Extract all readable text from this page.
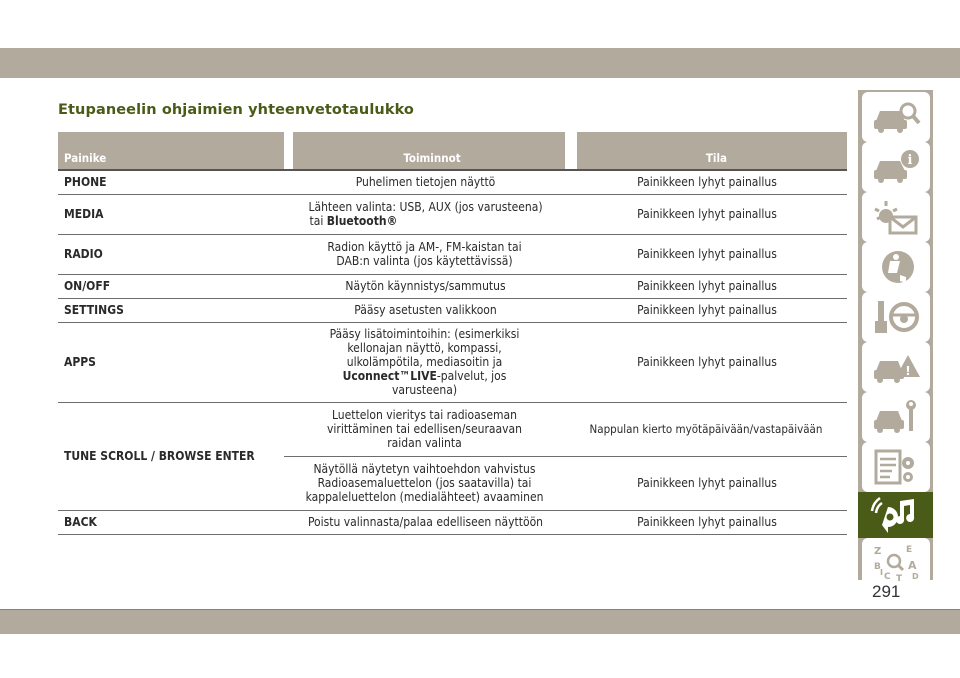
Etupaneelin ohjaimien yhteenvetotaulukko
Painike		Toiminnot		Tila
PHONE	Puhelimen tietojen näyttö		Painikkeen lyhyt painallus	
MEDIA	Lähteen valinta: USB, AUX (jos varusteena)
tai Bluetooth®		Painikkeen lyhyt painallus	
RADIO	Radion käyttö ja AM-, FM-kaistan tai DAB:n valinta (jos käytettävissä)		Painikkeen lyhyt painallus	
ON/OFF	Näytön käynnistys/sammutus		Painikkeen lyhyt painallus	
SETTINGS	Pääsy asetusten valikkoon		Painikkeen lyhyt painallus	
APPS	Pääsy lisätoimintoihin: (esimerkiksi kellonajan näyttö, kompassi, ulkolämpötila, mediasoitin ja Uconnect™LIVE-palvelut, jos varusteena)		Painikkeen lyhyt painallus	
TUNE SCROLL / BROWSE ENTER	Luettelon vieritys tai radioaseman virittäminen tai edellisen/seuraavan raidan valinta		Nappulan kierto myötäpäivään/vastapäivään	
	Näytöllä näytetyn vaihtoehdon vahvistus Radioasemaluettelon (jos saatavilla) tai kappaleluettelon (medialähteet) avaaminen		Painikkeen lyhyt painallus	
BACK	Poistu valinnasta/palaa edelliseen näyttöön		Painikkeen lyhyt painallus	
i
!
Z	E
B A
C T D
I
291
